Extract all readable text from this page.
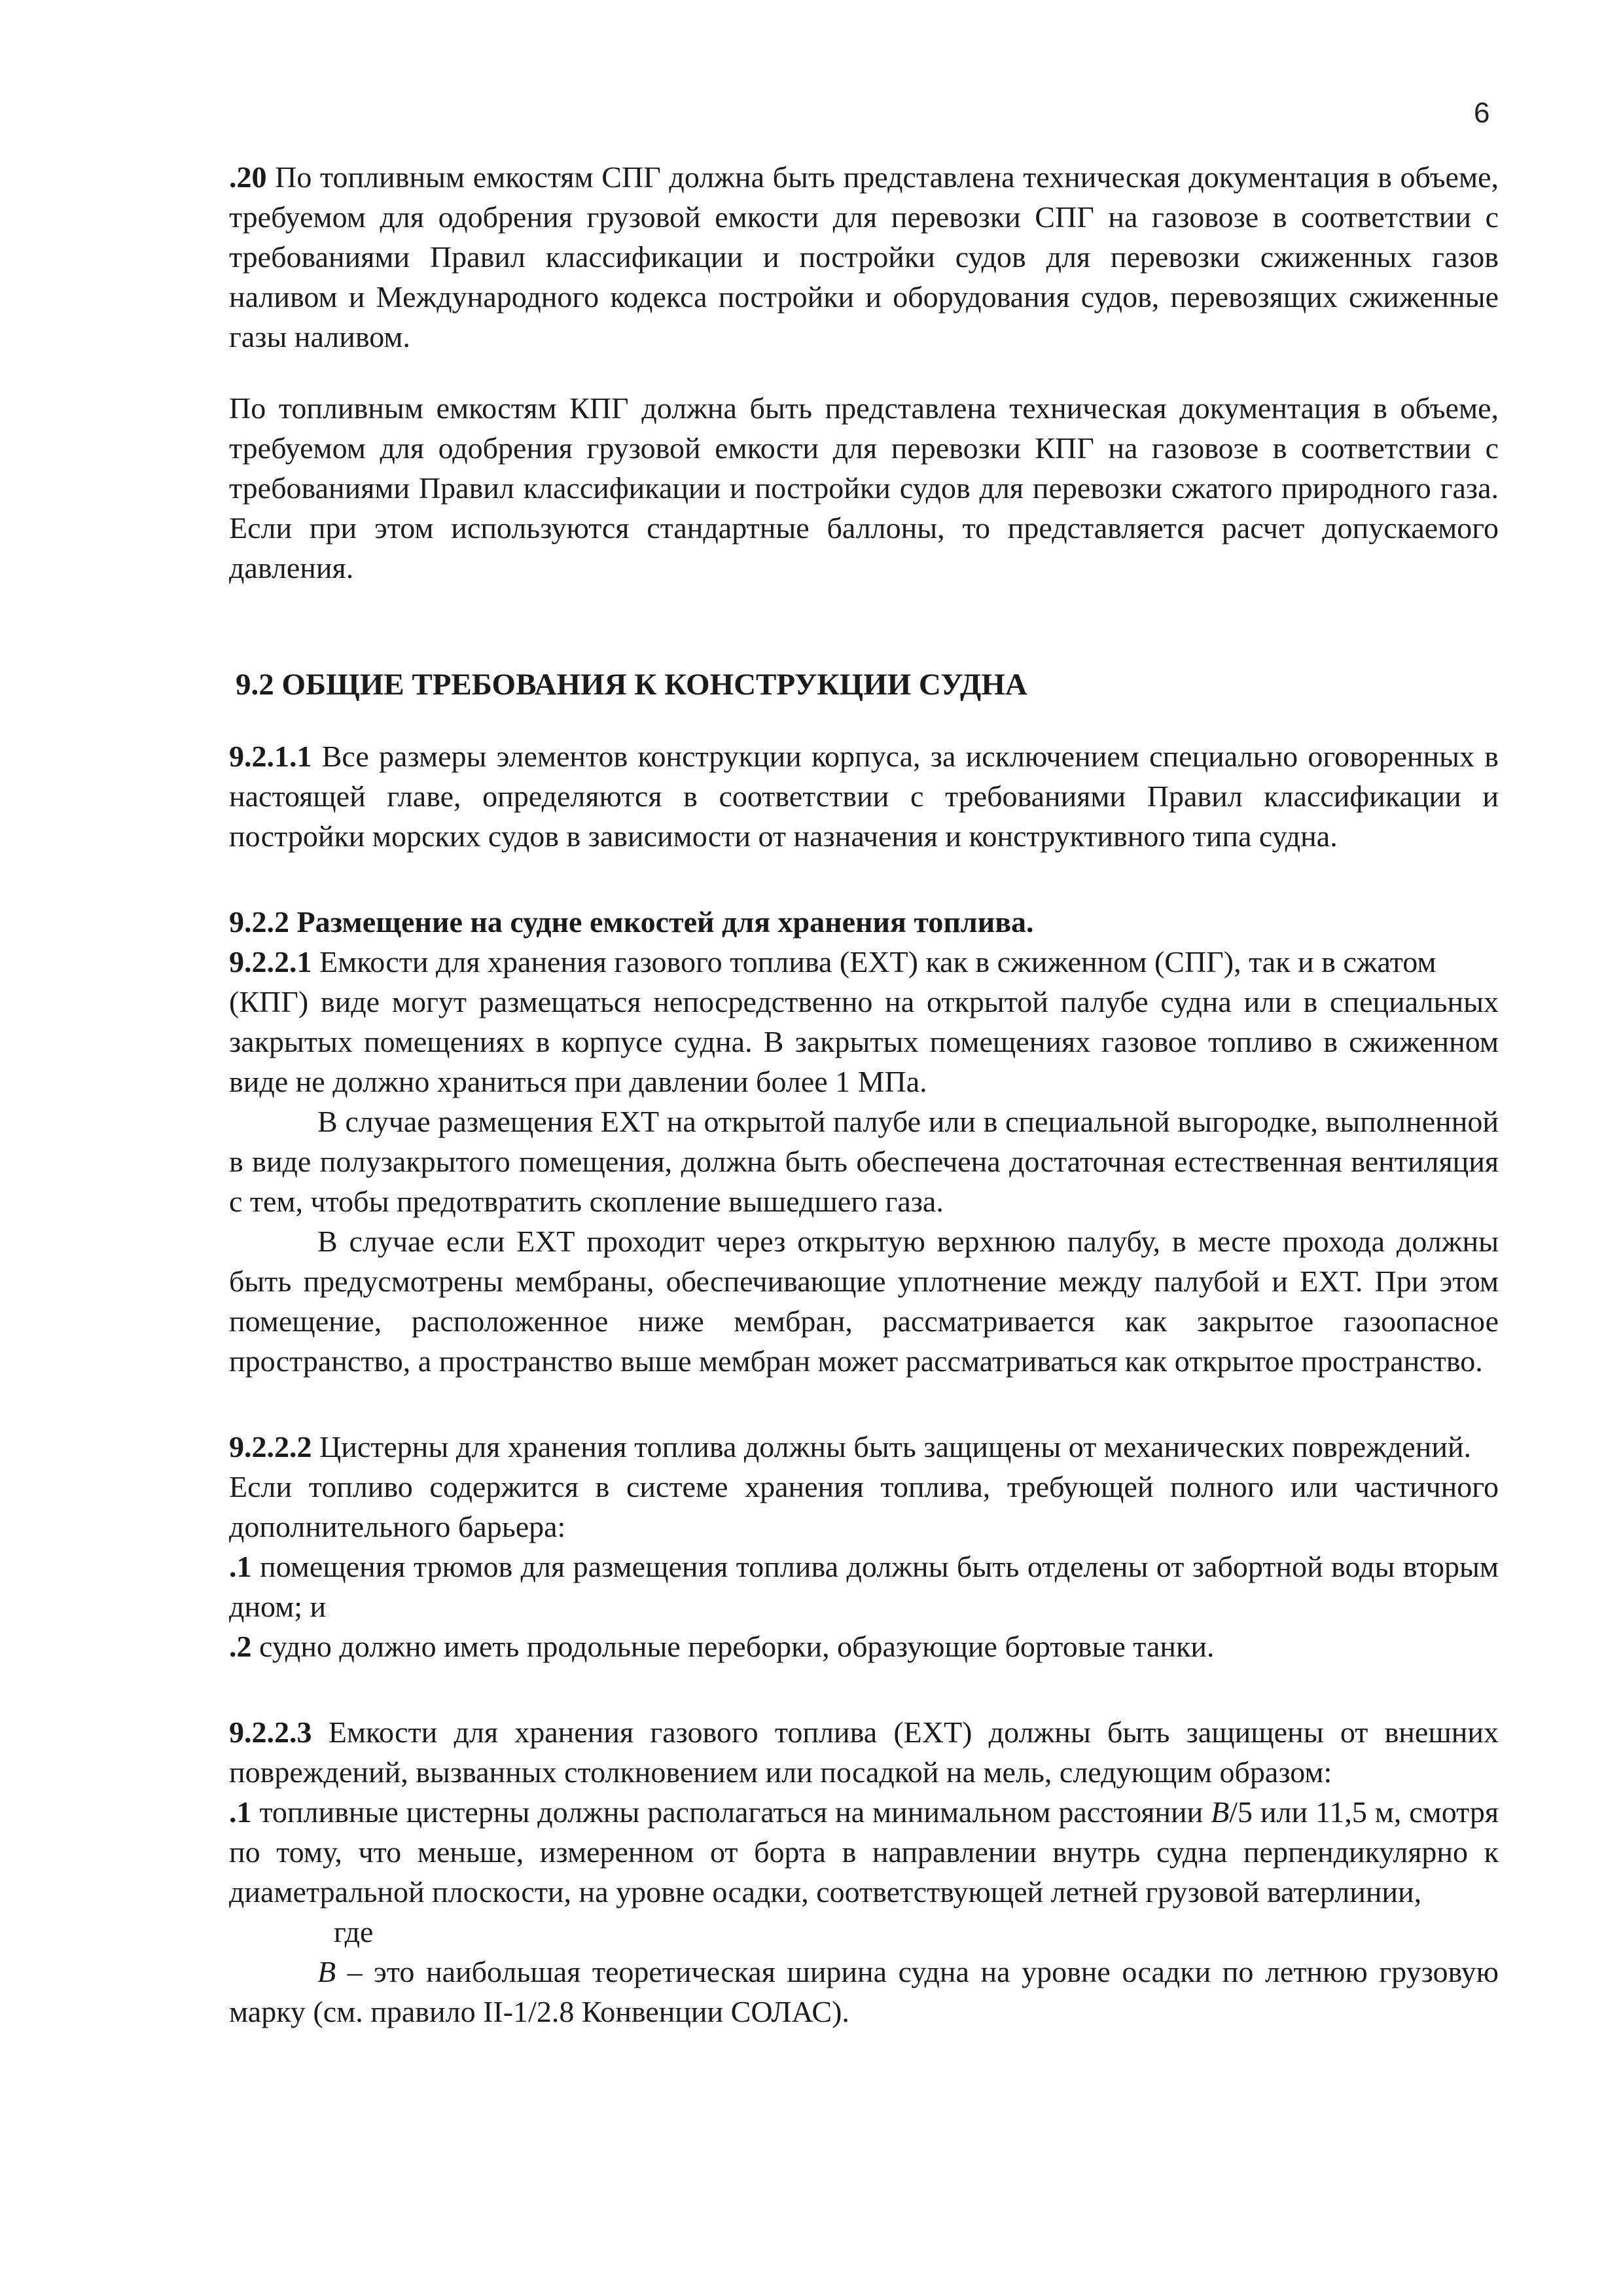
6

.20 По топливным емкостям СПГ должна быть представлена техническая документация в объеме, требуемом для одобрения грузовой емкости для перевозки СПГ на газовозе в соответствии с требованиями Правил классификации и постройки судов для перевозки сжиженных газов наливом и Международного кодекса постройки и оборудования судов, перевозящих сжиженные газы наливом.

По топливным емкостям КПГ должна быть представлена техническая документация в объеме, требуемом для одобрения грузовой емкости для перевозки КПГ на газовозе в соответствии с требованиями Правил классификации и постройки судов для перевозки сжатого природного газа. Если при этом используются стандартные баллоны, то представляется расчет допускаемого давления.

9.2 ОБЩИЕ ТРЕБОВАНИЯ К КОНСТРУКЦИИ СУДНА

9.2.1.1 Все размеры элементов конструкции корпуса, за исключением специально оговоренных в настоящей главе, определяются в соответствии с требованиями Правил классификации и постройки морских судов в зависимости от назначения и конструктивного типа судна.

9.2.2 Размещение на судне емкостей для хранения топлива.

9.2.2.1 Емкости для хранения газового топлива (ЕХТ) как в сжиженном (СПГ), так и в сжатом

(КПГ) виде могут размещаться непосредственно на открытой палубе судна или в специальных закрытых помещениях в корпусе судна. В закрытых помещениях газовое топливо в сжиженном виде не должно храниться при давлении более 1 МПа.

В случае размещения ЕХТ на открытой палубе или в специальной выгородке, выполненной в виде полузакрытого помещения, должна быть обеспечена достаточная естественная вентиляция с тем, чтобы предотвратить скопление вышедшего газа.

В случае если ЕХТ проходит через открытую верхнюю палубу, в месте прохода должны быть предусмотрены мембраны, обеспечивающие уплотнение между палубой и ЕХТ. При этом помещение, расположенное ниже мембран, рассматривается как закрытое газоопасное пространство, а пространство выше мембран может рассматриваться как открытое пространство.

9.2.2.2 Цистерны для хранения топлива должны быть защищены от механических повреждений.

Если топливо содержится в системе хранения топлива, требующей полного или частичного дополнительного барьера:

.1 помещения трюмов для размещения топлива должны быть отделены от забортной воды вторым дном; и

.2 судно должно иметь продольные переборки, образующие бортовые танки.

9.2.2.3 Емкости для хранения газового топлива (ЕХТ) должны быть защищены от внешних повреждений, вызванных столкновением или посадкой на мель, следующим образом:

.1 топливные цистерны должны располагаться на минимальном расстоянии B/5 или 11,5 м, смотря по тому, что меньше, измеренном от борта в направлении внутрь судна перпендикулярно к диаметральной плоскости, на уровне осадки, соответствующей летней грузовой ватерлинии,

где

B – это наибольшая теоретическая ширина судна на уровне осадки по летнюю грузовую марку (см. правило II-1/2.8 Конвенции СОЛАС).
